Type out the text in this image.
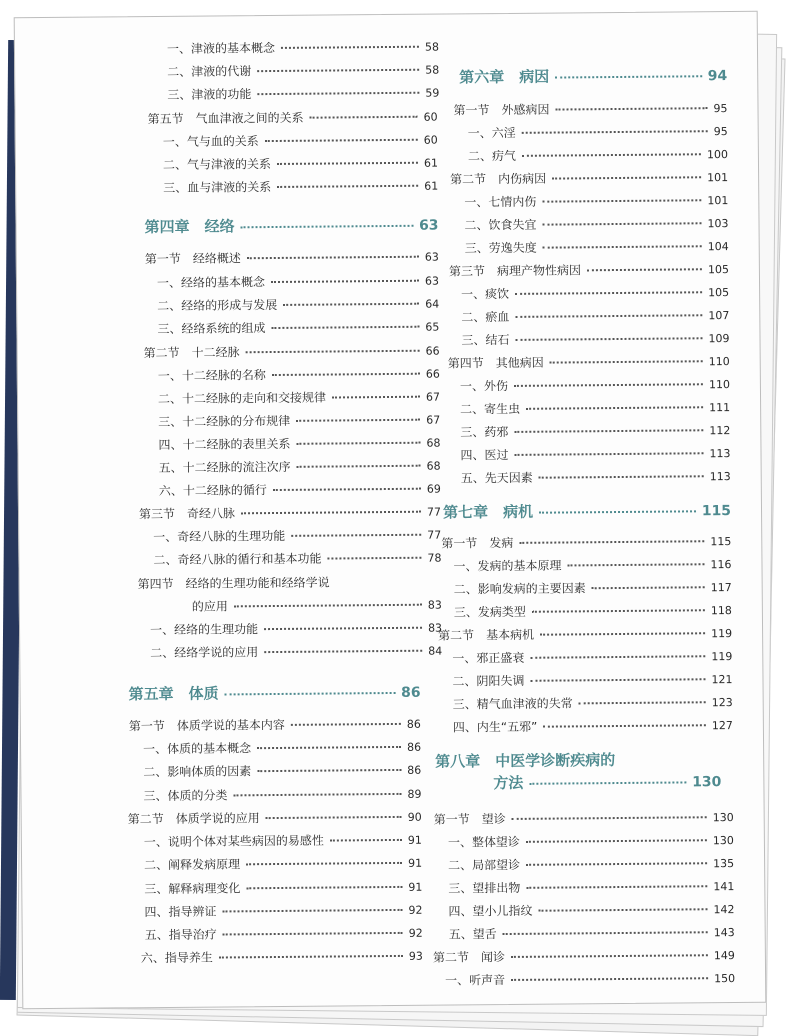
一、津液的基本概念	58
二、津液的代谢	58
三、津液的功能	59
第五节　气血津液之间的关系	60
一、气与血的关系	60
二、气与津液的关系	61
三、血与津液的关系	61
第四章　经络	63
第一节　经络概述	63
一、经络的基本概念	63
二、经络的形成与发展	64
三、经络系统的组成	65
第二节　十二经脉	66
一、十二经脉的名称	66
二、十二经脉的走向和交接规律	67
三、十二经脉的分布规律	67
四、十二经脉的表里关系	68
五、十二经脉的流注次序	68
六、十二经脉的循行	69
第三节　奇经八脉	77
一、奇经八脉的生理功能	77
二、奇经八脉的循行和基本功能	78
第四节　经络的生理功能和经络学说
的应用	83
一、经络的生理功能	83
二、经络学说的应用	84
第五章　体质	86
第一节　体质学说的基本内容	86
一、体质的基本概念	86
二、影响体质的因素	86
三、体质的分类	89
第二节　体质学说的应用	90
一、说明个体对某些病因的易感性	91
二、阐释发病原理	91
三、解释病理变化	91
四、指导辨证	92
五、指导治疗	92
六、指导养生	93
第六章　病因	94
第一节　外感病因	95
一、六淫	95
二、疠气	100
第二节　内伤病因	101
一、七情内伤	101
二、饮食失宜	103
三、劳逸失度	104
第三节　病理产物性病因	105
一、痰饮	105
二、瘀血	107
三、结石	109
第四节　其他病因	110
一、外伤	110
二、寄生虫	111
三、药邪	112
四、医过	113
五、先天因素	113
第七章　病机	115
第一节　发病	115
一、发病的基本原理	116
二、影响发病的主要因素	117
三、发病类型	118
第二节　基本病机	119
一、邪正盛衰	119
二、阴阳失调	121
三、精气血津液的失常	123
四、内生“五邪”	127
第八章　中医学诊断疾病的
方法	130
第一节　望诊	130
一、整体望诊	130
二、局部望诊	135
三、望排出物	141
四、望小儿指纹	142
五、望舌	143
第二节　闻诊	149
一、听声音	150
